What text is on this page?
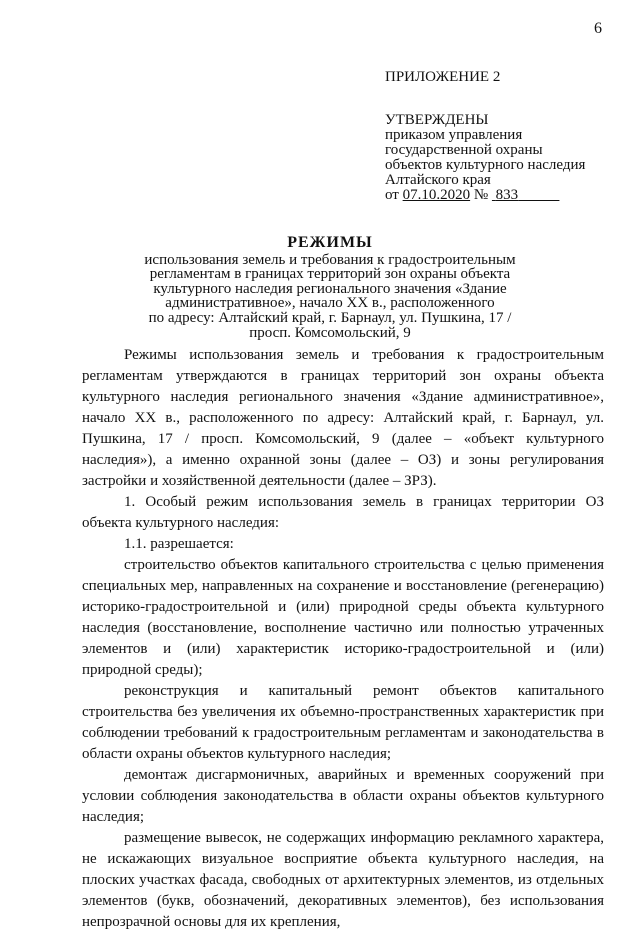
6

ПРИЛОЖЕНИЕ 2

УТВЕРЖДЕНЫ

приказом управления

государственной охраны

объектов культурного наследия

Алтайского края

от 07.10.2020 № 833

РЕЖИМЫ

использования земель и требования к градостроительным

регламентам в границах территорий зон охраны объекта

культурного наследия регионального значения «Здание

административное», начало XX в., расположенного

по адресу: Алтайский край, г. Барнаул, ул. Пушкина, 17 /

просп. Комсомольский, 9

Режимы использования земель и требования к градостроительным регламентам утверждаются в границах территорий зон охраны объекта культурного наследия регионального значения «Здание административное», начало XX в., расположенного по адресу: Алтайский край, г. Барнаул, ул. Пушкина, 17 / просп. Комсомольский, 9 (далее – «объект культурного наследия»), а именно охранной зоны (далее – ОЗ) и зоны регулирования застройки и хозяйственной деятельности (далее – ЗРЗ).

1. Особый режим использования земель в границах территории ОЗ объекта культурного наследия:

1.1. разрешается:

строительство объектов капитального строительства с целью применения специальных мер, направленных на сохранение и восстановление (регенерацию) историко-градостроительной и (или) природной среды объекта культурного наследия (восстановление, восполнение частично или полностью утраченных элементов и (или) характеристик историко-градостроительной и (или) природной среды);

реконструкция и капитальный ремонт объектов капитального строительства без увеличения их объемно-пространственных характеристик при соблюдении требований к градостроительным регламентам и законодательства в области охраны объектов культурного наследия;

демонтаж дисгармоничных, аварийных и временных сооружений при условии соблюдения законодательства в области охраны объектов культурного наследия;

размещение вывесок, не содержащих информацию рекламного характера, не искажающих визуальное восприятие объекта культурного наследия, на плоских участках фасада, свободных от архитектурных элементов, из отдельных элементов (букв, обозначений, декоративных элементов), без использования непрозрачной основы для их крепления,
